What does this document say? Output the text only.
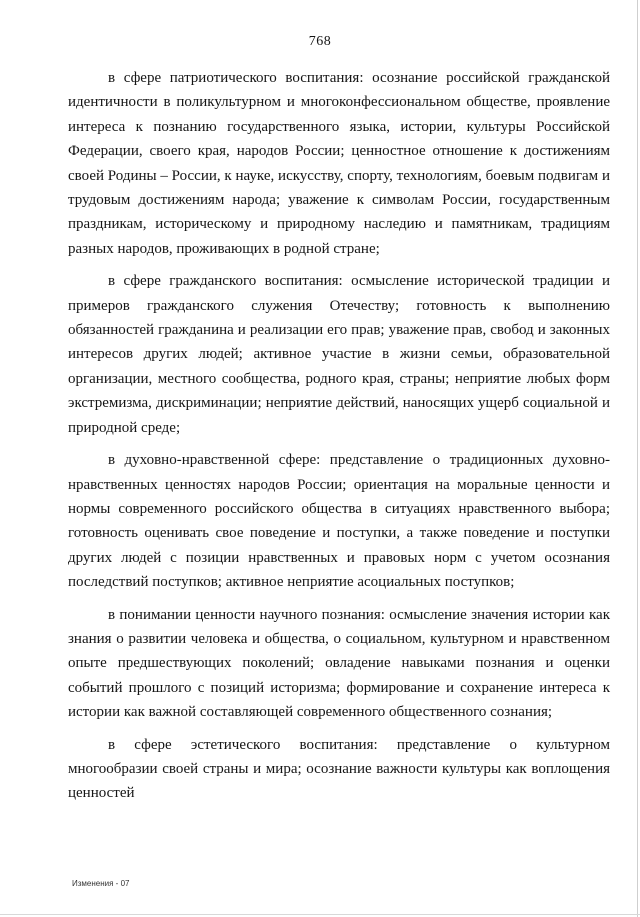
768

в сфере патриотического воспитания: осознание российской гражданской идентичности в поликультурном и многоконфессиональном обществе, проявление интереса к познанию государственного языка, истории, культуры Российской Федерации, своего края, народов России; ценностное отношение к достижениям своей Родины – России, к науке, искусству, спорту, технологиям, боевым подвигам и трудовым достижениям народа; уважение к символам России, государственным праздникам, историческому и природному наследию и памятникам, традициям разных народов, проживающих в родной стране;

в сфере гражданского воспитания: осмысление исторической традиции и примеров гражданского служения Отечеству; готовность к выполнению обязанностей гражданина и реализации его прав; уважение прав, свобод и законных интересов других людей; активное участие в жизни семьи, образовательной организации, местного сообщества, родного края, страны; неприятие любых форм экстремизма, дискриминации; неприятие действий, наносящих ущерб социальной и природной среде;

в духовно-нравственной сфере: представление о традиционных духовно-нравственных ценностях народов России; ориентация на моральные ценности и нормы современного российского общества в ситуациях нравственного выбора; готовность оценивать свое поведение и поступки, а также поведение и поступки других людей с позиции нравственных и правовых норм с учетом осознания последствий поступков; активное неприятие асоциальных поступков;

в понимании ценности научного познания: осмысление значения истории как знания о развитии человека и общества, о социальном, культурном и нравственном опыте предшествующих поколений; овладение навыками познания и оценки событий прошлого с позиций историзма; формирование и сохранение интереса к истории как важной составляющей современного общественного сознания;

в сфере эстетического воспитания: представление о культурном многообразии своей страны и мира; осознание важности культуры как воплощения ценностей

Изменения - 07
